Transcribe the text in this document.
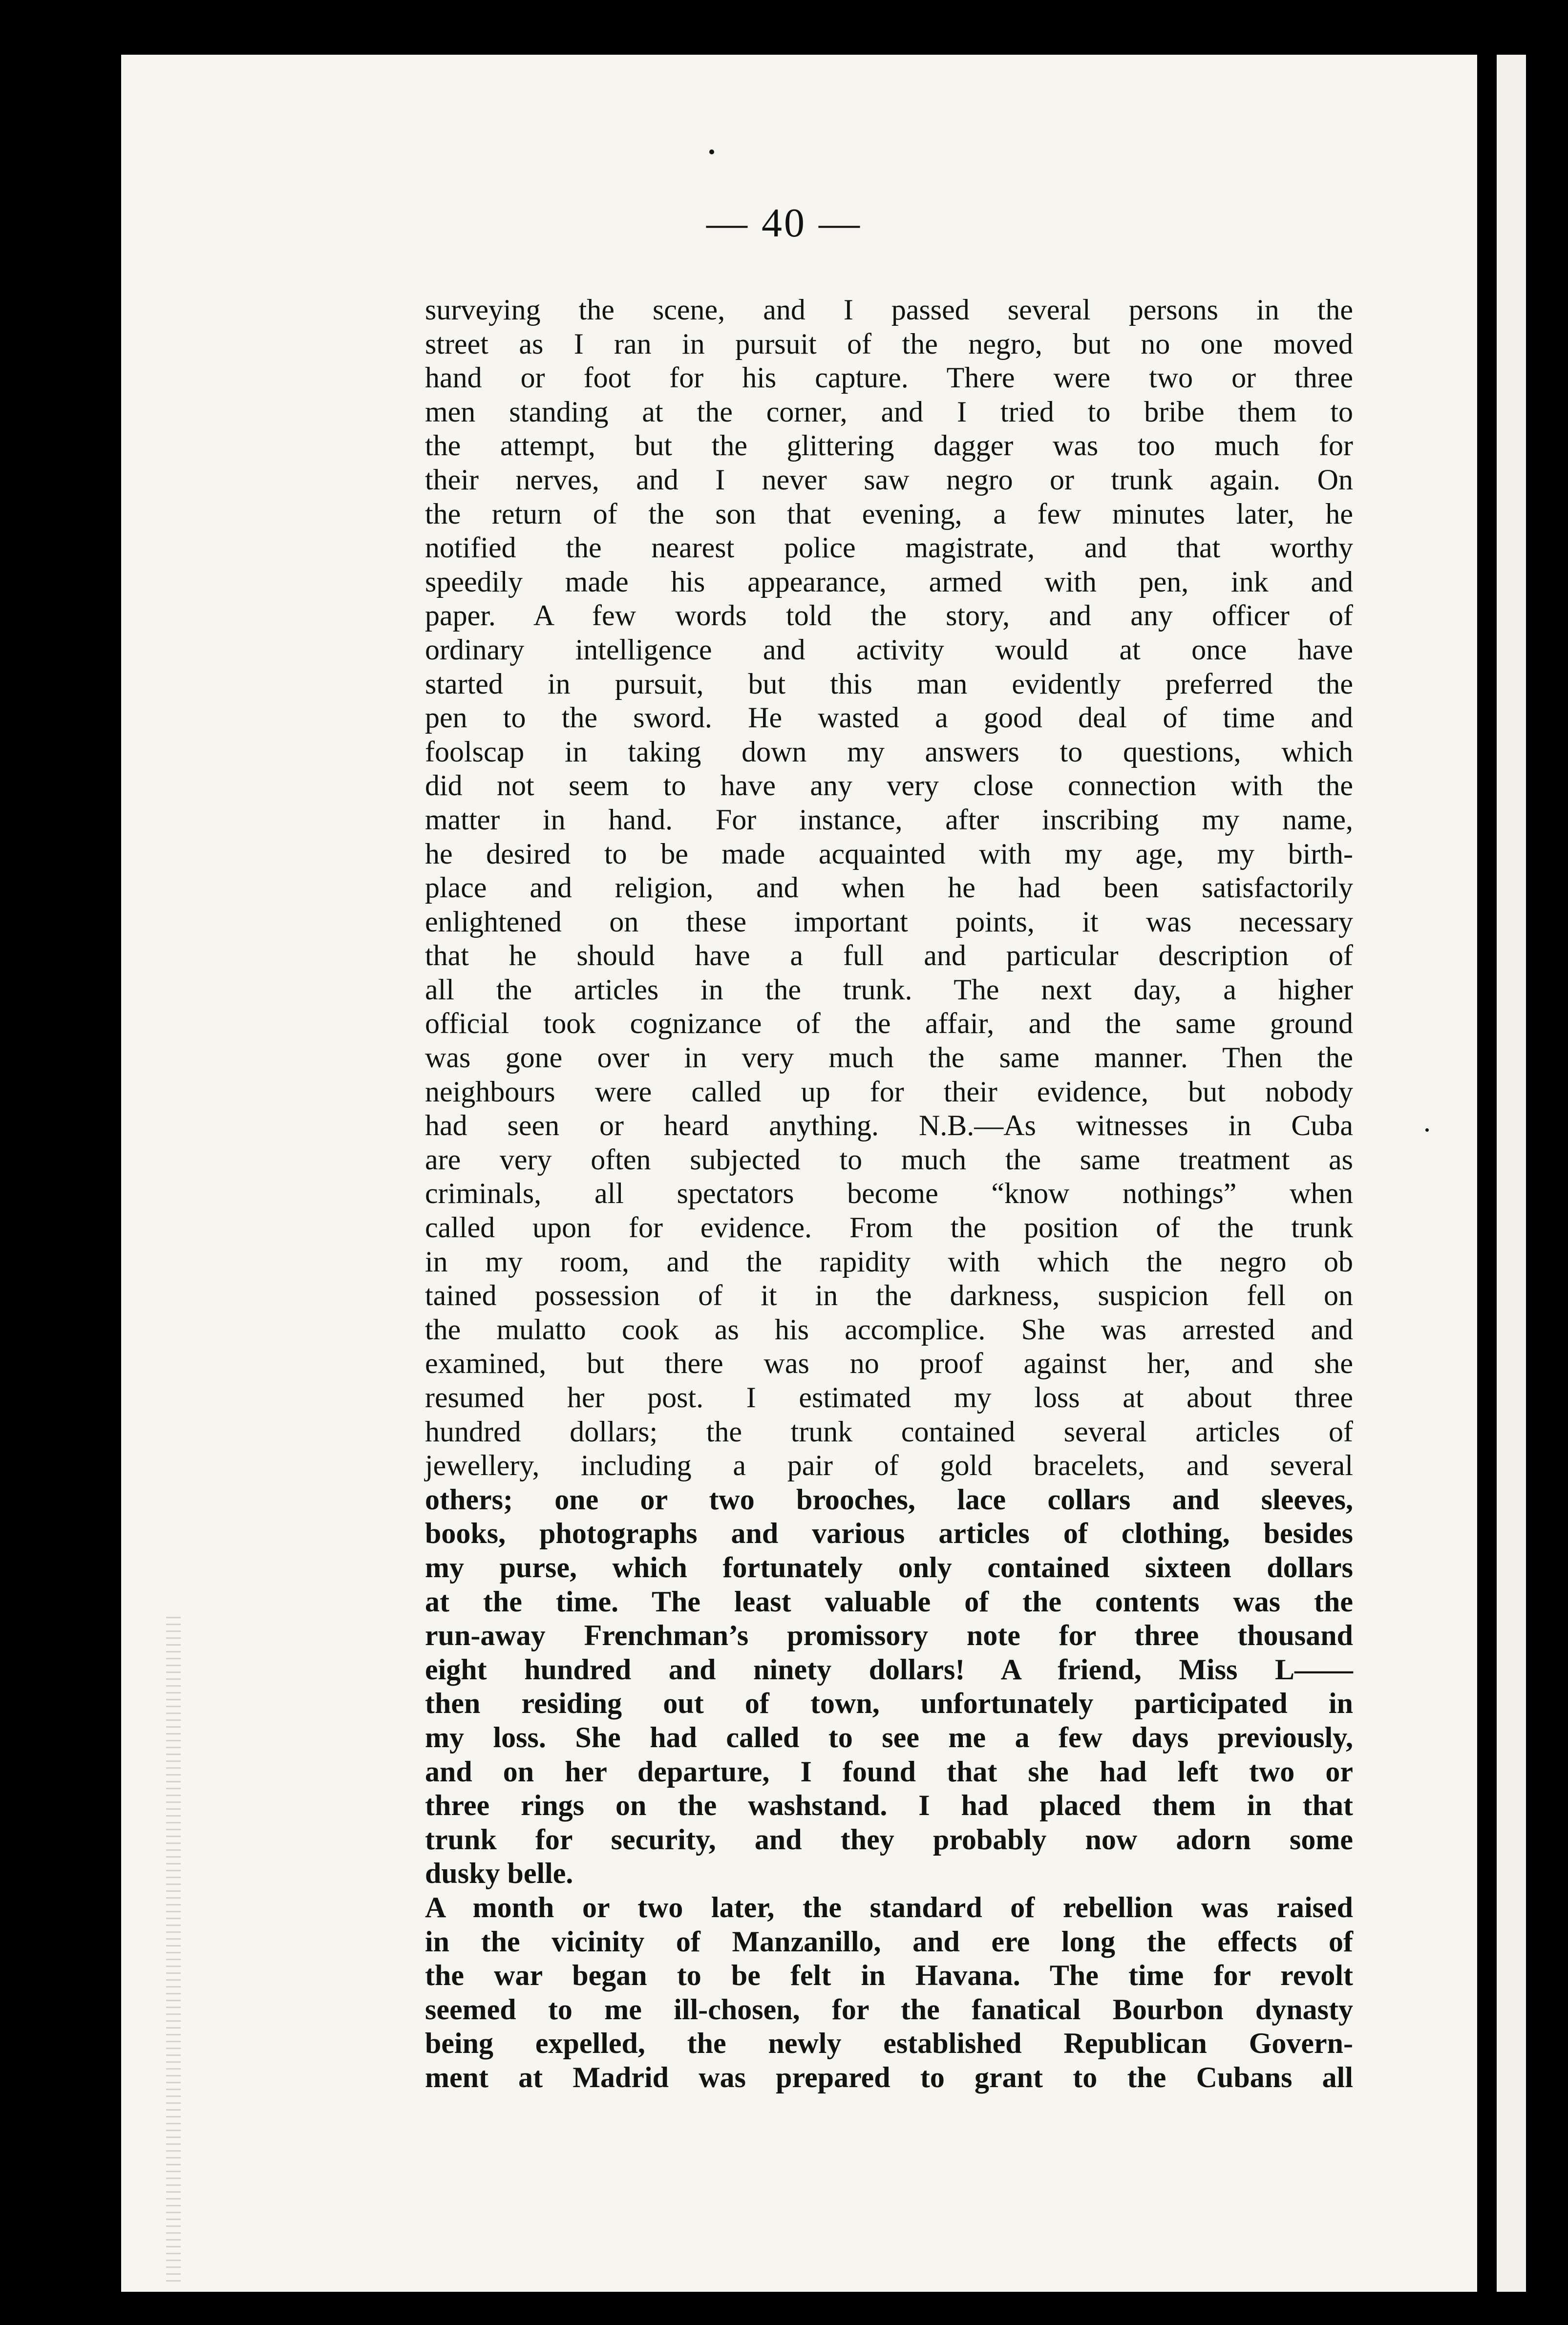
— 40 —
surveying the scene, and I passed several persons in the
street as I ran in pursuit of the negro, but no one moved
hand or foot for his capture. There were two or three
men standing at the corner, and I tried to bribe them to
the attempt, but the glittering dagger was too much for
their nerves, and I never saw negro or trunk again. On
the return of the son that evening, a few minutes later, he
notified the nearest police magistrate, and that worthy
speedily made his appearance, armed with pen, ink and
paper. A few words told the story, and any officer of
ordinary intelligence and activity would at once have
started in pursuit, but this man evidently preferred the
pen to the sword. He wasted a good deal of time and
foolscap in taking down my answers to questions, which
did not seem to have any very close connection with the
matter in hand. For instance, after inscribing my name,
he desired to be made acquainted with my age, my birth-
place and religion, and when he had been satisfactorily
enlightened on these important points, it was necessary
that he should have a full and particular description of
all the articles in the trunk. The next day, a higher
official took cognizance of the affair, and the same ground
was gone over in very much the same manner. Then the
neighbours were called up for their evidence, but nobody
had seen or heard anything. N.B.—As witnesses in Cuba
are very often subjected to much the same treatment as
criminals, all spectators become “know nothings” when
called upon for evidence. From the position of the trunk
in my room, and the rapidity with which the negro ob
tained possession of it in the darkness, suspicion fell on
the mulatto cook as his accomplice. She was arrested and
examined, but there was no proof against her, and she
resumed her post. I estimated my loss at about three
hundred dollars; the trunk contained several articles of
jewellery, including a pair of gold bracelets, and several
others; one or two brooches, lace collars and sleeves,
books, photographs and various articles of clothing, besides
my purse, which fortunately only contained sixteen dollars
at the time. The least valuable of the contents was the
run-away Frenchman’s promissory note for three thousand
eight hundred and ninety dollars! A friend, Miss L——
then residing out of town, unfortunately participated in
my loss. She had called to see me a few days previously,
and on her departure, I found that she had left two or
three rings on the washstand. I had placed them in that
trunk for security, and they probably now adorn some
dusky belle.
A month or two later, the standard of rebellion was raised
in the vicinity of Manzanillo, and ere long the effects of
the war began to be felt in Havana. The time for revolt
seemed to me ill-chosen, for the fanatical Bourbon dynasty
being expelled, the newly established Republican Govern-
ment at Madrid was prepared to grant to the Cubans all
